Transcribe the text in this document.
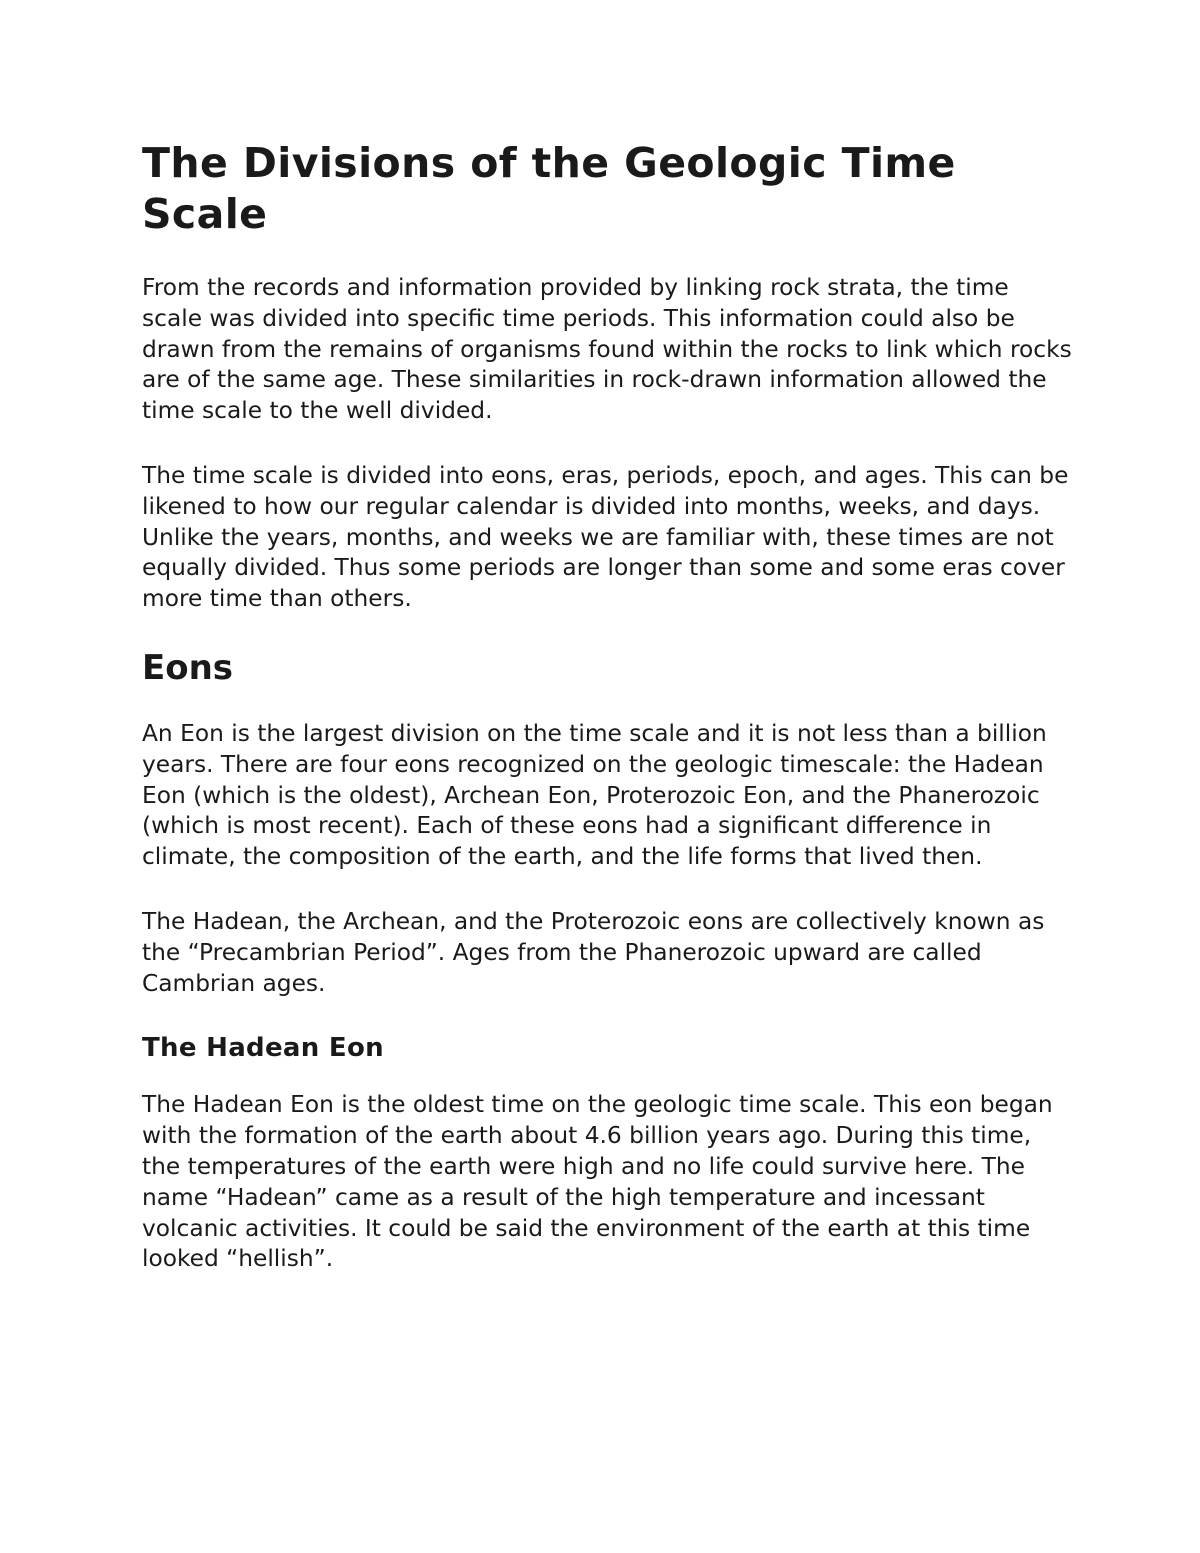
The Divisions of the Geologic Time Scale

From the records and information provided by linking rock strata, the time scale was divided into specific time periods. This information could also be drawn from the remains of organisms found within the rocks to link which rocks are of the same age. These similarities in rock-drawn information allowed the time scale to the well divided.

The time scale is divided into eons, eras, periods, epoch, and ages. This can be likened to how our regular calendar is divided into months, weeks, and days. Unlike the years, months, and weeks we are familiar with, these times are not equally divided. Thus some periods are longer than some and some eras cover more time than others.

Eons

An Eon is the largest division on the time scale and it is not less than a billion years. There are four eons recognized on the geologic timescale: the Hadean Eon (which is the oldest), Archean Eon, Proterozoic Eon, and the Phanerozoic (which is most recent). Each of these eons had a significant difference in climate, the composition of the earth, and the life forms that lived then.

The Hadean, the Archean, and the Proterozoic eons are collectively known as the “Precambrian Period”. Ages from the Phanerozoic upward are called Cambrian ages.

The Hadean Eon

The Hadean Eon is the oldest time on the geologic time scale. This eon began with the formation of the earth about 4.6 billion years ago. During this time, the temperatures of the earth were high and no life could survive here. The name “Hadean” came as a result of the high temperature and incessant volcanic activities. It could be said the environment of the earth at this time looked “hellish”.
